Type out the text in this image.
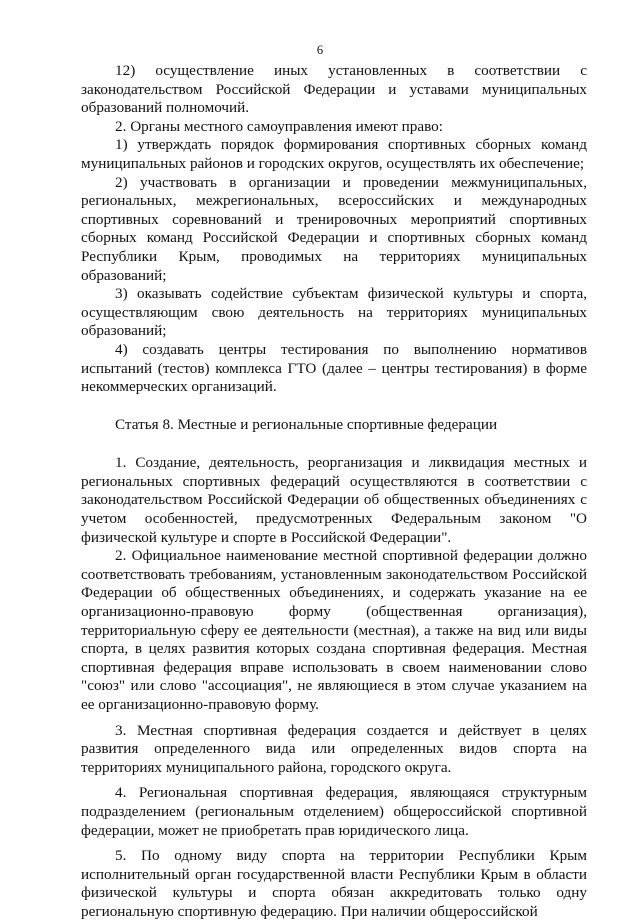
6

12) осуществление иных установленных в соответствии с законодательством Российской Федерации и уставами муниципальных образований полномочий.

2. Органы местного самоуправления имеют право:

1) утверждать порядок формирования спортивных сборных команд муниципальных районов и городских округов, осуществлять их обеспечение;

2) участвовать в организации и проведении межмуниципальных, региональных, межрегиональных, всероссийских и международных спортивных соревнований и тренировочных мероприятий спортивных сборных команд Российской Федерации и спортивных сборных команд Республики Крым, проводимых на территориях муниципальных образований;

3) оказывать содействие субъектам физической культуры и спорта, осуществляющим свою деятельность на территориях муниципальных образований;

4) создавать центры тестирования по выполнению нормативов испытаний (тестов) комплекса ГТО (далее – центры тестирования) в форме некоммерческих организаций.

Статья 8. Местные и региональные спортивные федерации

1. Создание, деятельность, реорганизация и ликвидация местных и региональных спортивных федераций осуществляются в соответствии с законодательством Российской Федерации об общественных объединениях с учетом особенностей, предусмотренных Федеральным законом "О физической культуре и спорте в Российской Федерации".

2. Официальное наименование местной спортивной федерации должно соответствовать требованиям, установленным законодательством Российской Федерации об общественных объединениях, и содержать указание на ее организационно-правовую форму (общественная организация), территориальную сферу ее деятельности (местная), а также на вид или виды спорта, в целях развития которых создана спортивная федерация. Местная спортивная федерация вправе использовать в своем наименовании слово "союз" или слово "ассоциация", не являющиеся в этом случае указанием на ее организационно-правовую форму.

3. Местная спортивная федерация создается и действует в целях развития определенного вида или определенных видов спорта на территориях муниципального района, городского округа.

4. Региональная спортивная федерация, являющаяся структурным подразделением (региональным отделением) общероссийской спортивной федерации, может не приобретать прав юридического лица.

5. По одному виду спорта на территории Республики Крым исполнительный орган государственной власти Республики Крым в области физической культуры и спорта обязан аккредитовать только одну региональную спортивную федерацию. При наличии общероссийской
